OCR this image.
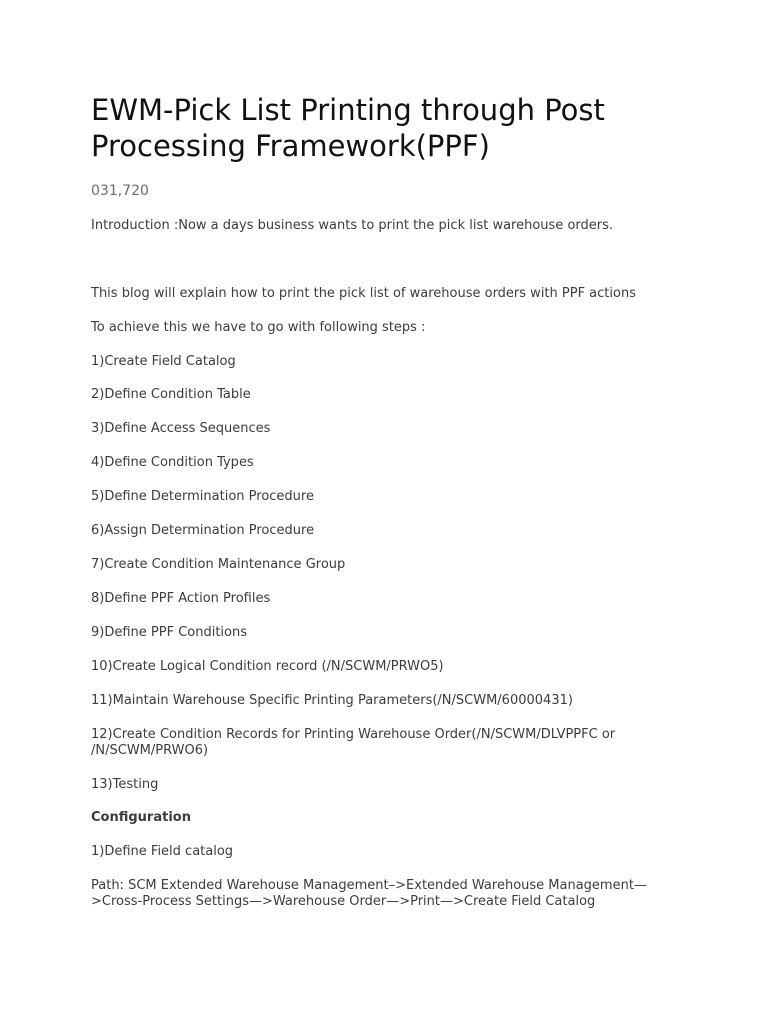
EWM-Pick List Printing through Post Processing Framework(PPF)

031,720

Introduction :Now a days business wants to print the pick list warehouse orders.

This blog will explain how to print the pick list of warehouse orders with PPF actions

To achieve this we have to go with following steps :

1)Create Field Catalog

2)Define Condition Table

3)Define Access Sequences

4)Define Condition Types

5)Define Determination Procedure

6)Assign Determination Procedure

7)Create Condition Maintenance Group

8)Define PPF Action Profiles

9)Define PPF Conditions

10)Create Logical Condition record (/N/SCWM/PRWO5)

11)Maintain Warehouse Specific Printing Parameters(/N/SCWM/60000431)

12)Create Condition Records for Printing Warehouse Order(/N/SCWM/DLVPPFC or /N/SCWM/PRWO6)

13)Testing

Configuration

1)Define Field catalog

Path: SCM Extended Warehouse Management–>Extended Warehouse Management—>Cross-Process Settings—>Warehouse Order—>Print—>Create Field Catalog
